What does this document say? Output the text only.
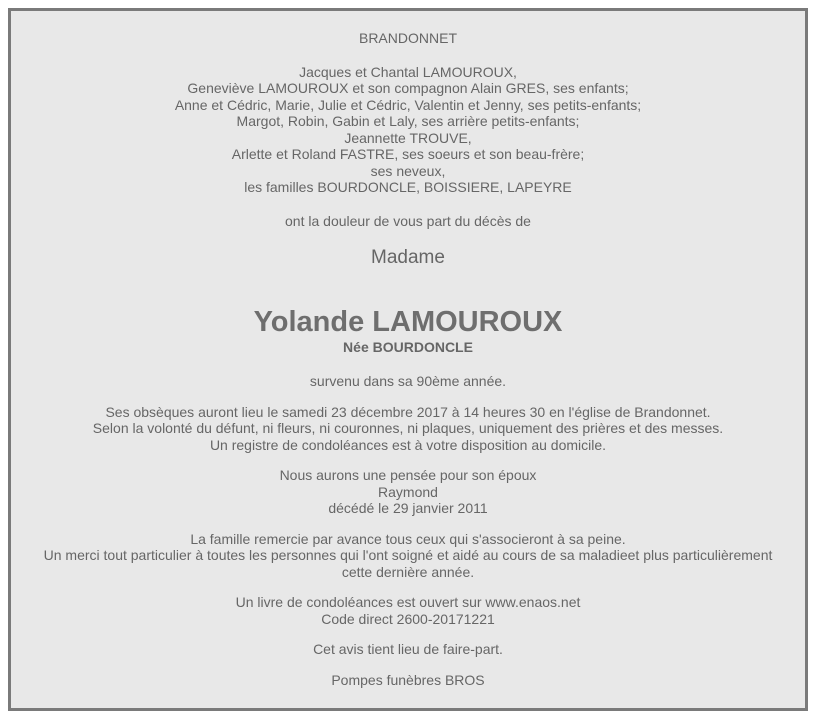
BRANDONNET
Jacques et Chantal LAMOUROUX,
Geneviève LAMOUROUX et son compagnon Alain GRES, ses enfants;
Anne et Cédric, Marie, Julie et Cédric, Valentin et Jenny, ses petits-enfants;
Margot, Robin, Gabin et Laly, ses arrière petits-enfants;
Jeannette TROUVE,
Arlette et Roland FASTRE, ses soeurs et son beau-frère;
ses neveux,
les familles BOURDONCLE, BOISSIERE, LAPEYRE
ont la douleur de vous part du décès de
Madame
Yolande LAMOUROUX
Née BOURDONCLE
survenu dans sa 90ème année.
Ses obsèques auront lieu le samedi 23 décembre 2017 à 14 heures 30 en l'église de Brandonnet.
Selon la volonté du défunt, ni fleurs, ni couronnes, ni plaques, uniquement des prières et des messes.
Un registre de condoléances est à votre disposition au domicile.
Nous aurons une pensée pour son époux
Raymond
décédé le 29 janvier 2011
La famille remercie par avance tous ceux qui s'associeront à sa peine.
Un merci tout particulier à toutes les personnes qui l'ont soigné et aidé au cours de sa maladieet plus particulièrement
cette dernière année.
Un livre de condoléances est ouvert sur www.enaos.net
Code direct 2600-20171221
Cet avis tient lieu de faire-part.
Pompes funèbres BROS
